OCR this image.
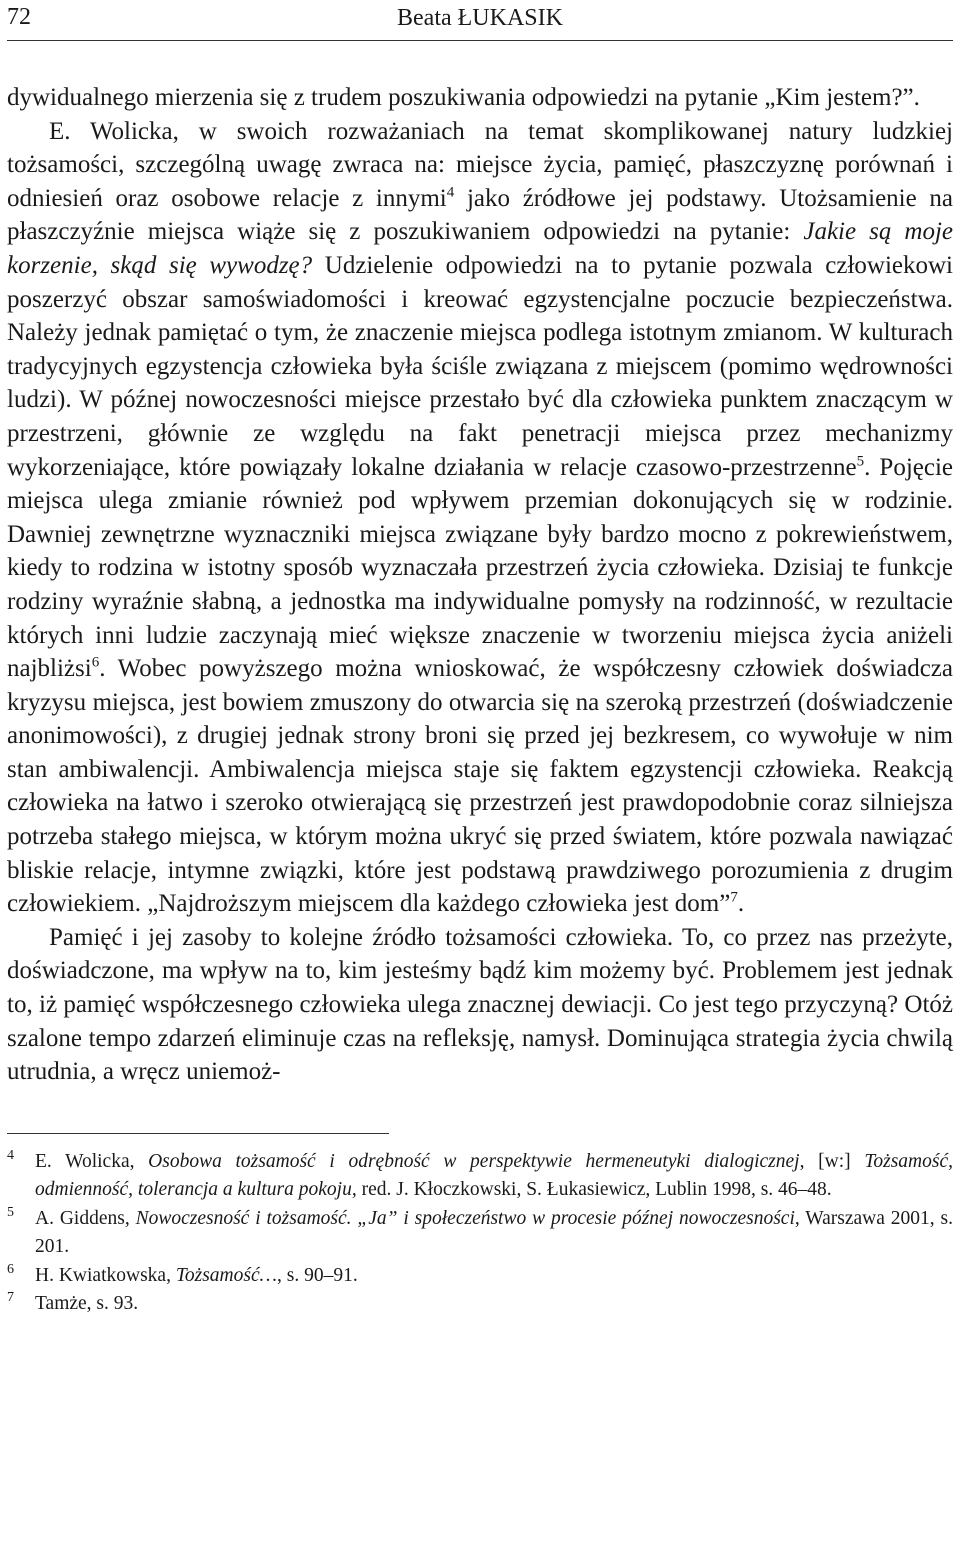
72	Beata ŁUKASIK

dywidualnego mierzenia się z trudem poszukiwania odpowiedzi na pytanie „Kim jestem?”.
E. Wolicka, w swoich rozważaniach na temat skomplikowanej natury ludzkiej tożsamości, szczególną uwagę zwraca na: miejsce życia, pamięć, płaszczyznę porównań i odniesień oraz osobowe relacje z innymi$^4$ jako źródłowe jej podstawy. Utożsamienie na płaszczyźnie miejsca wiąże się z poszukiwaniem odpowiedzi na pytanie: Jakie są moje korzenie, skąd się wywodzę? Udzielenie odpowiedzi na to pytanie pozwala człowiekowi poszerzyć obszar samoświadomości i kreować egzystencjalne poczucie bezpieczeństwa. Należy jednak pamiętać o tym, że znaczenie miejsca podlega istotnym zmianom. W kulturach tradycyjnych egzystencja człowieka była ściśle związana z miejscem (pomimo wędrowności ludzi). W późnej nowoczesności miejsce przestało być dla człowieka punktem znaczącym w przestrzeni, głównie ze względu na fakt penetracji miejsca przez mechanizmy wykorzeniające, które powiązały lokalne działania w relacje czasowo-przestrzenne$^5$. Pojęcie miejsca ulega zmianie również pod wpływem przemian dokonujących się w rodzinie. Dawniej zewnętrzne wyznaczniki miejsca związane były bardzo mocno z pokrewieństwem, kiedy to rodzina w istotny sposób wyznaczała przestrzeń życia człowieka. Dzisiaj te funkcje rodziny wyraźnie słabną, a jednostka ma indywidualne pomysły na rodzinność, w rezultacie których inni ludzie zaczynają mieć większe znaczenie w tworzeniu miejsca życia aniżeli najbliżsi$^6$. Wobec powyższego można wnioskować, że współczesny człowiek doświadcza kryzysu miejsca, jest bowiem zmuszony do otwarcia się na szeroką przestrzeń (doświadczenie anonimowości), z drugiej jednak strony broni się przed jej bezkresem, co wywołuje w nim stan ambiwalencji. Ambiwalencja miejsca staje się faktem egzystencji człowieka. Reakcją człowieka na łatwo i szeroko otwierającą się przestrzeń jest prawdopodobnie coraz silniejsza potrzeba stałego miejsca, w którym można ukryć się przed światem, które pozwala nawiązać bliskie relacje, intymne związki, które jest podstawą prawdziwego porozumienia z drugim człowiekiem. „Najdroższym miejscem dla każdego człowieka jest dom”$^7$.

Pamięć i jej zasoby to kolejne źródło tożsamości człowieka. To, co przez nas przeżyte, doświadczone, ma wpływ na to, kim jesteśmy bądź kim możemy być. Problemem jest jednak to, iż pamięć współczesnego człowieka ulega znacznej dewiacji. Co jest tego przyczyną? Otóż szalone tempo zdarzeń eliminuje czas na refleksję, namysł. Dominująca strategia życia chwilą utrudnia, a wręcz uniemoż-

4 E. Wolicka, Osobowa tożsamość i odrębność w perspektywie hermeneutyki dialogicznej, [w:] Tożsamość, odmienność, tolerancja a kultura pokoju, red. J. Kłoczkowski, S. Łukasiewicz, Lublin 1998, s. 46–48.
5 A. Giddens, Nowoczesność i tożsamość. „Ja” i społeczeństwo w procesie późnej nowoczesności, Warszawa 2001, s. 201.
6 H. Kwiatkowska, Tożsamość…, s. 90–91.
7 Tamże, s. 93.
